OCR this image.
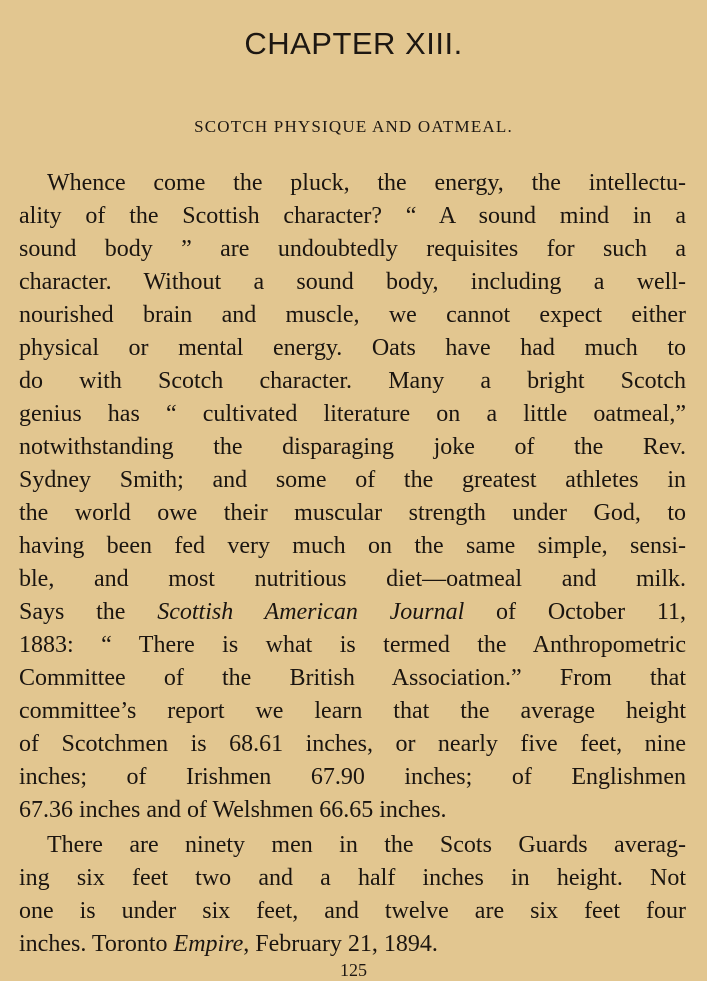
CHAPTER XIII.
SCOTCH PHYSIQUE AND OATMEAL.
Whence come the pluck, the energy, the intellectu-
ality of the Scottish character? “ A sound mind in a
sound body ” are undoubtedly requisites for such a
character. Without a sound body, including a well-
nourished brain and muscle, we cannot expect either
physical or mental energy. Oats have had much to
do with Scotch character. Many a bright Scotch
genius has “ cultivated literature on a little oatmeal,”
notwithstanding the disparaging joke of the Rev.
Sydney Smith; and some of the greatest athletes in
the world owe their muscular strength under God, to
having been fed very much on the same simple, sensi-
ble, and most nutritious diet—oatmeal and milk.
Says the Scottish American Journal of October 11,
1883: “ There is what is termed the Anthropometric
Committee of the British Association.” From that
committee’s report we learn that the average height
of Scotchmen is 68.61 inches, or nearly five feet, nine
inches; of Irishmen 67.90 inches; of Englishmen
67.36 inches and of Welshmen 66.65 inches.
There are ninety men in the Scots Guards averag-
ing six feet two and a half inches in height. Not
one is under six feet, and twelve are six feet four
inches. Toronto Empire, February 21, 1894.
125
